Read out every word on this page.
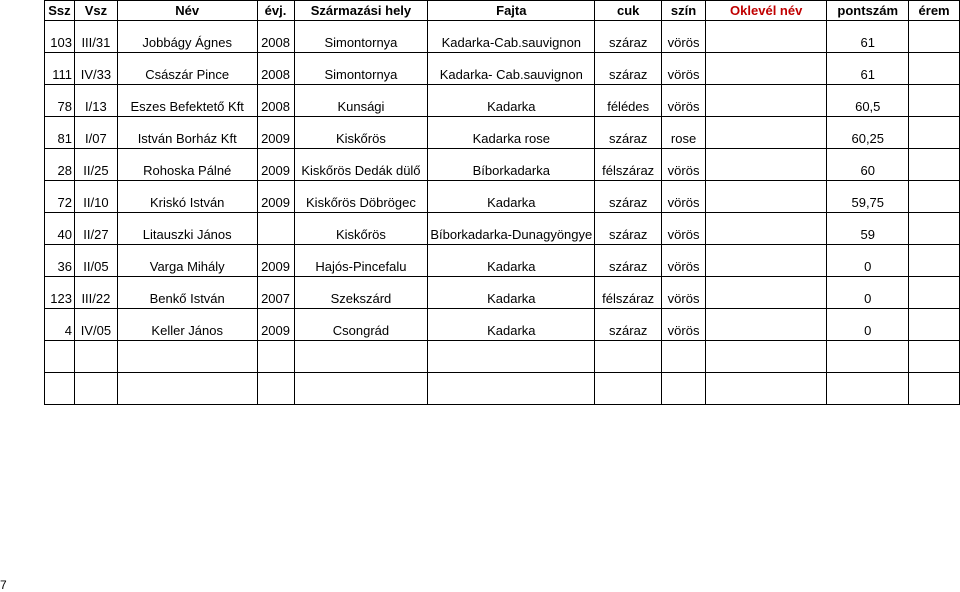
Ssz	Vsz	Név	évj.	Származási hely	Fajta	cuk	szín	Oklevél név	pontszám	érem
103	III/31	Jobbágy Ágnes	2008	Simontornya	Kadarka-Cab.sauvignon	száraz	vörös		61	
111	IV/33	Császár Pince	2008	Simontornya	Kadarka- Cab.sauvignon	száraz	vörös		61	
78	I/13	Eszes Befektető Kft	2008	Kunsági	Kadarka	félédes	vörös		60,5	
81	I/07	István Borház Kft	2009	Kiskőrös	Kadarka rose	száraz	rose		60,25	
28	II/25	Rohoska Pálné	2009	Kiskőrös Dedák dülő	Bíborkadarka	félszáraz	vörös		60	
72	II/10	Kriskó István	2009	Kiskőrös Döbrögec	Kadarka	száraz	vörös		59,75	
40	II/27	Litauszki János		Kiskőrös	Bíborkadarka-Dunagyöngye	száraz	vörös		59	
36	II/05	Varga Mihály	2009	Hajós-Pincefalu	Kadarka	száraz	vörös		0	
123	III/22	Benkő István	2007	Szekszárd	Kadarka	félszáraz	vörös		0	
4	IV/05	Keller János	2009	Csongrád	Kadarka	száraz	vörös		0	

7
